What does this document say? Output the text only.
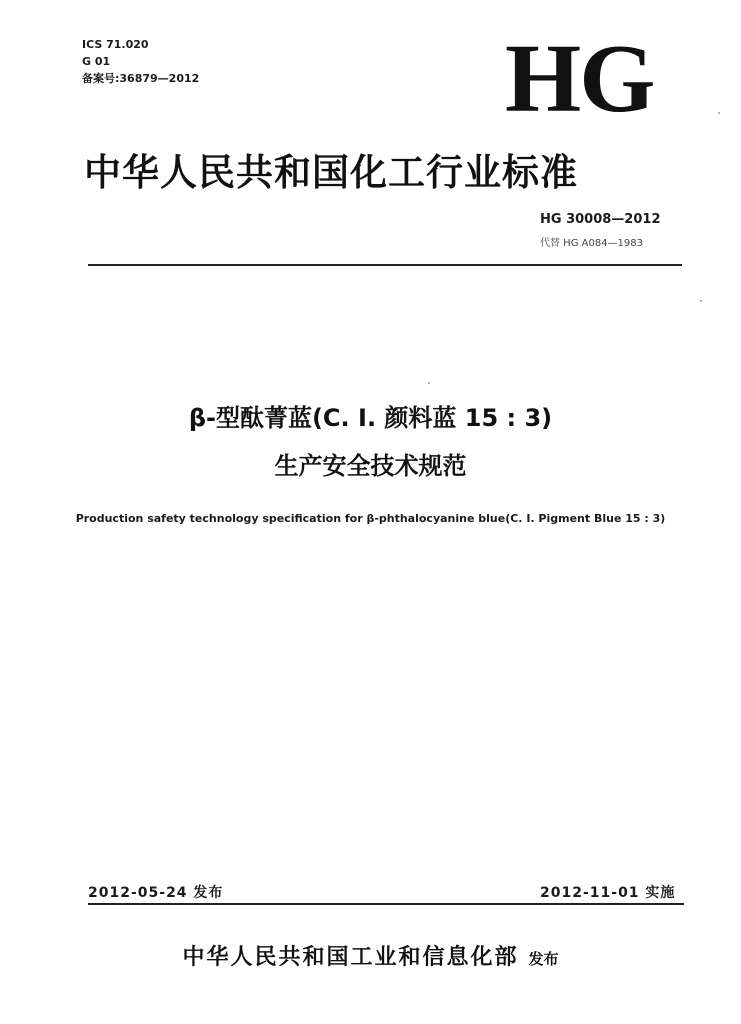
ICS 71.020
G 01
备案号:36879—2012	HG
中华人民共和国化工行业标准
HG 30008—2012
代替 HG A084—1983
β-型酞菁蓝(C. I. 颜料蓝 15 : 3)
生产安全技术规范
Production safety technology specification for β-phthalocyanine blue(C. I. Pigment Blue 15 : 3)
2012-05-24 发布	2012-11-01 实施
中华人民共和国工业和信息化部 发布
